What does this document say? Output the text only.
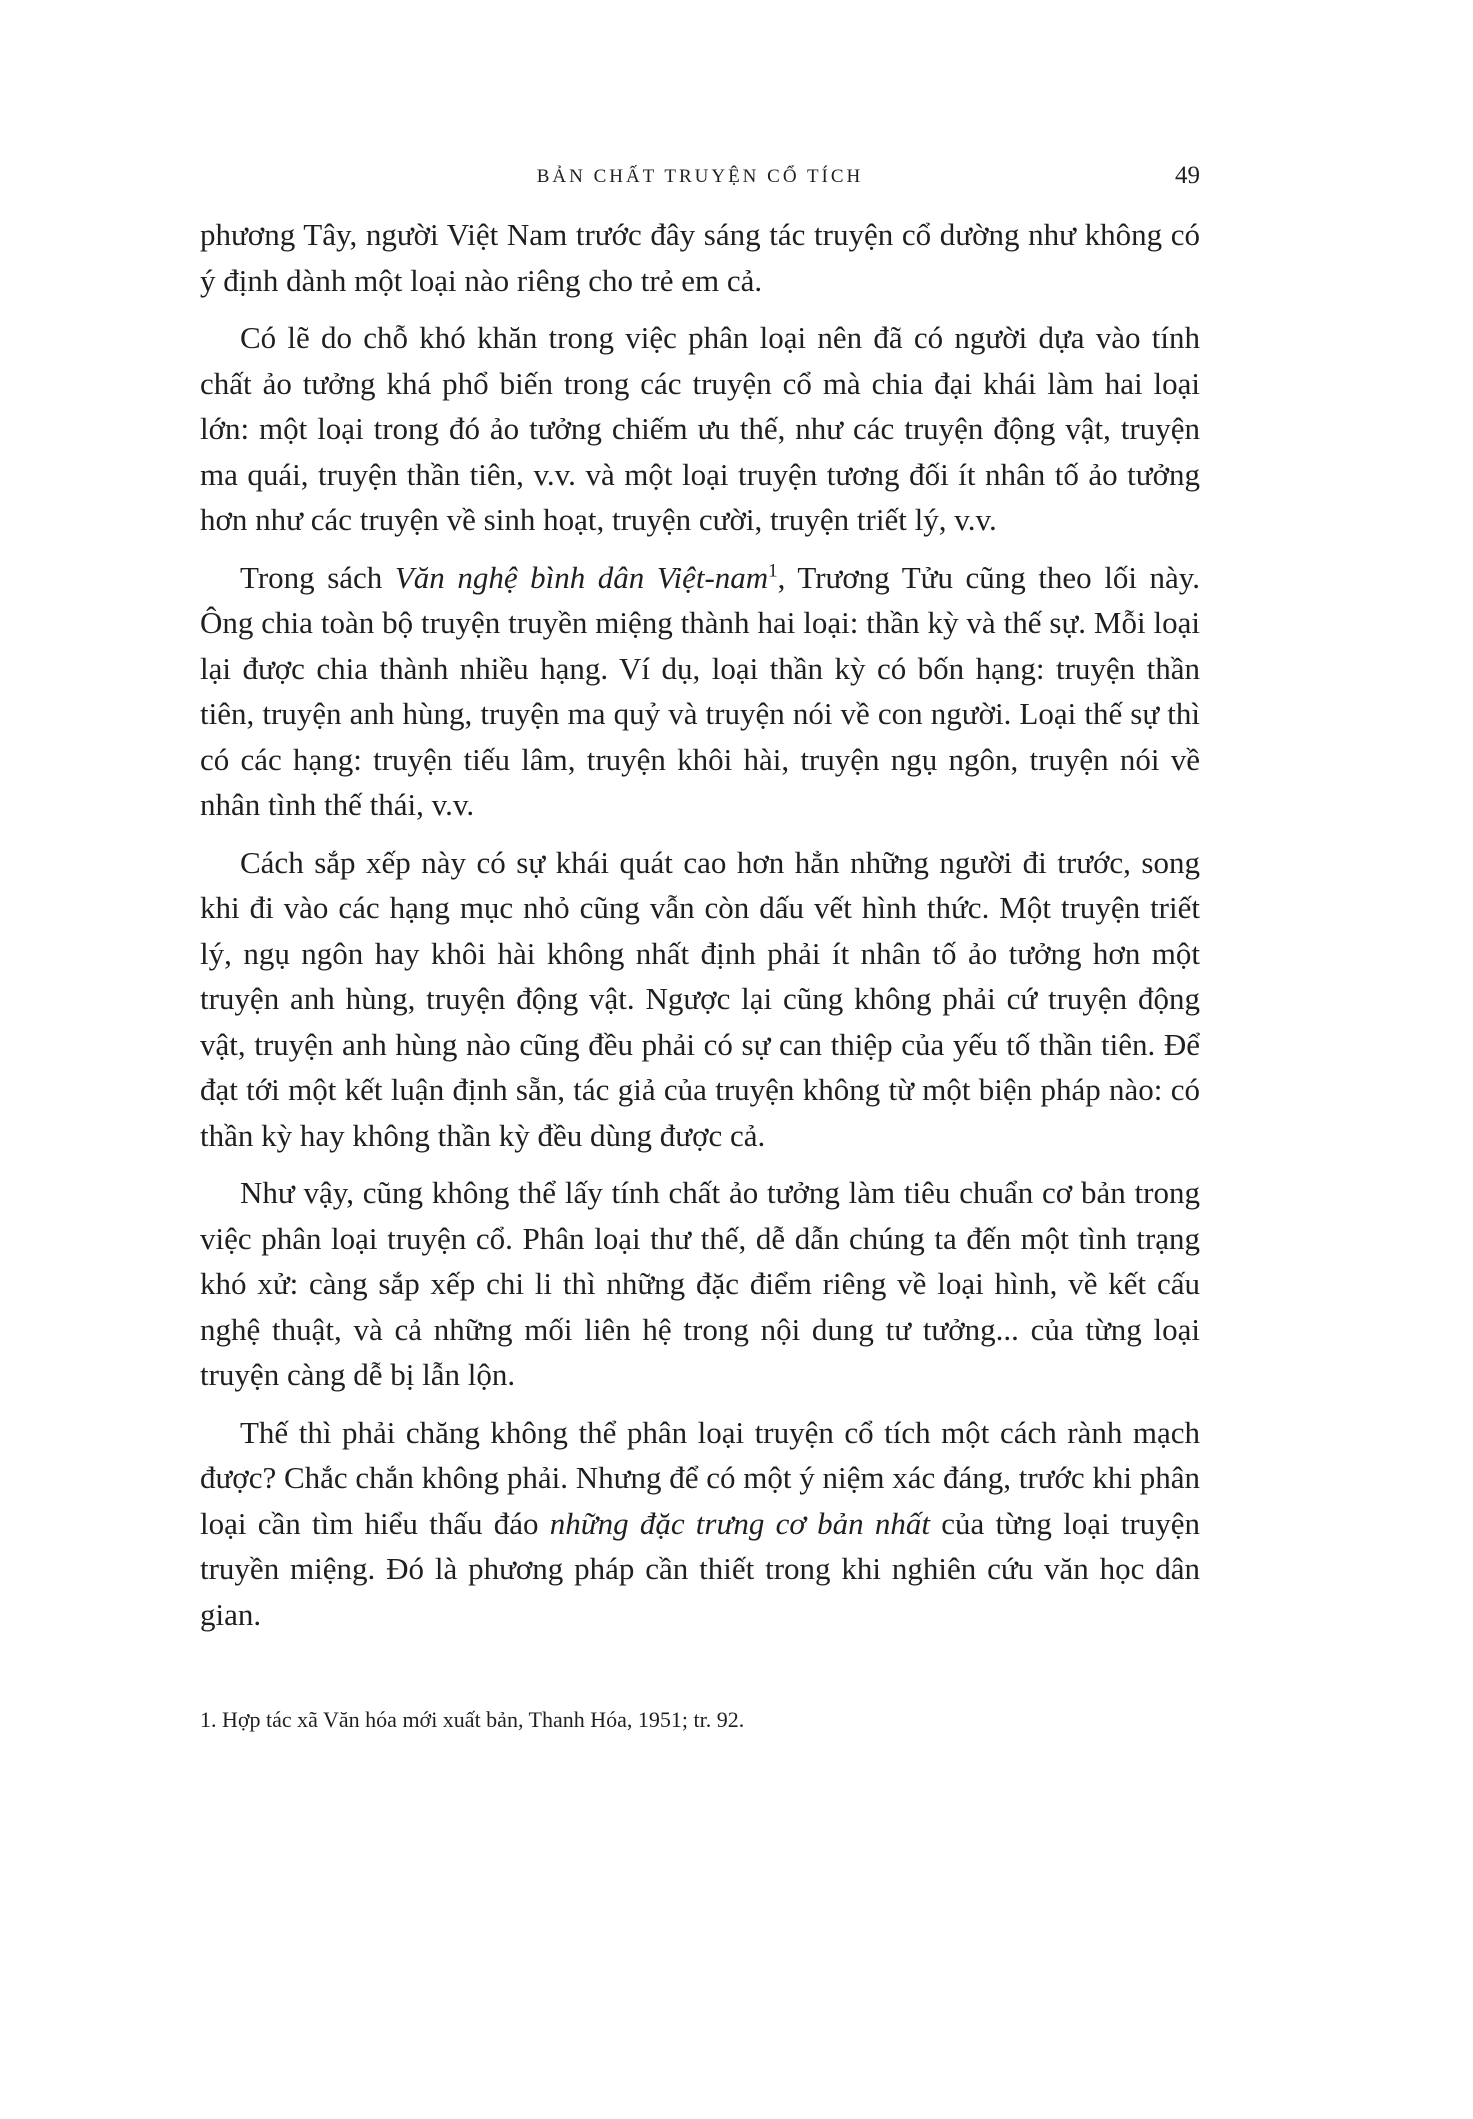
BẢN CHẤT TRUYỆN CỔ TÍCH	49

phương Tây, người Việt Nam trước đây sáng tác truyện cổ dường như không có ý định dành một loại nào riêng cho trẻ em cả.

Có lẽ do chỗ khó khăn trong việc phân loại nên đã có người dựa vào tính chất ảo tưởng khá phổ biến trong các truyện cổ mà chia đại khái làm hai loại lớn: một loại trong đó ảo tưởng chiếm ưu thế, như các truyện động vật, truyện ma quái, truyện thần tiên, v.v. và một loại truyện tương đối ít nhân tố ảo tưởng hơn như các truyện về sinh hoạt, truyện cười, truyện triết lý, v.v.

Trong sách Văn nghệ bình dân Việt-nam$^1$, Trương Tửu cũng theo lối này. Ông chia toàn bộ truyện truyền miệng thành hai loại: thần kỳ và thế sự. Mỗi loại lại được chia thành nhiều hạng. Ví dụ, loại thần kỳ có bốn hạng: truyện thần tiên, truyện anh hùng, truyện ma quỷ và truyện nói về con người. Loại thế sự thì có các hạng: truyện tiếu lâm, truyện khôi hài, truyện ngụ ngôn, truyện nói về nhân tình thế thái, v.v.

Cách sắp xếp này có sự khái quát cao hơn hẳn những người đi trước, song khi đi vào các hạng mục nhỏ cũng vẫn còn dấu vết hình thức. Một truyện triết lý, ngụ ngôn hay khôi hài không nhất định phải ít nhân tố ảo tưởng hơn một truyện anh hùng, truyện động vật. Ngược lại cũng không phải cứ truyện động vật, truyện anh hùng nào cũng đều phải có sự can thiệp của yếu tố thần tiên. Để đạt tới một kết luận định sẵn, tác giả của truyện không từ một biện pháp nào: có thần kỳ hay không thần kỳ đều dùng được cả.

Như vậy, cũng không thể lấy tính chất ảo tưởng làm tiêu chuẩn cơ bản trong việc phân loại truyện cổ. Phân loại thư thế, dễ dẫn chúng ta đến một tình trạng khó xử: càng sắp xếp chi li thì những đặc điểm riêng về loại hình, về kết cấu nghệ thuật, và cả những mối liên hệ trong nội dung tư tưởng... của từng loại truyện càng dễ bị lẫn lộn.

Thế thì phải chăng không thể phân loại truyện cổ tích một cách rành mạch được? Chắc chắn không phải. Nhưng để có một ý niệm xác đáng, trước khi phân loại cần tìm hiểu thấu đáo những đặc trưng cơ bản nhất của từng loại truyện truyền miệng. Đó là phương pháp cần thiết trong khi nghiên cứu văn học dân gian.

1. Hợp tác xã Văn hóa mới xuất bản, Thanh Hóa, 1951; tr. 92.
